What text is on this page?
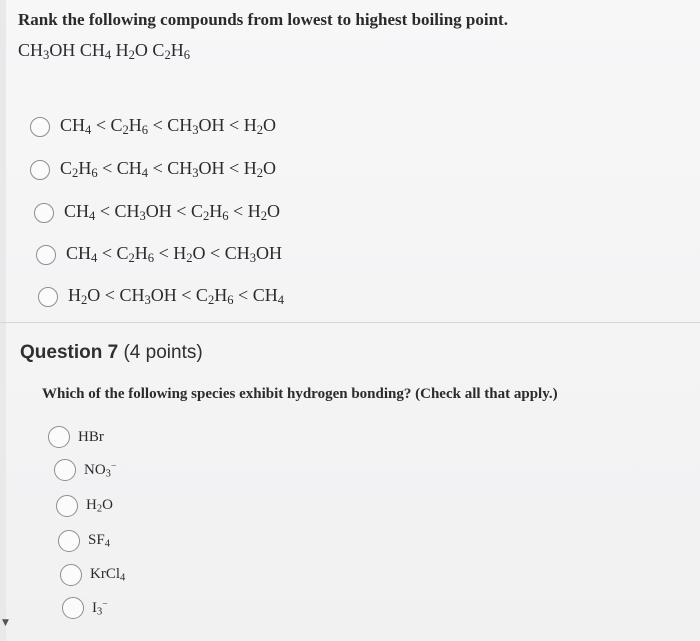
Rank the following compounds from lowest to highest boiling point.

$CH_3OH$ $CH_4$ $H_2O$ $C_2H_6$

$CH_4 < C_2H_6 < CH_3OH < H_2O$
$C_2H_6 < CH_4 < CH_3OH < H_2O$
$CH_4 < CH_3OH < C_2H_6 < H_2O$
$CH_4 < C_2H_6 < H_2O < CH_3OH$
$H_2O < CH_3OH < C_2H_6 < CH_4$
Question 7 (4 points)
Which of the following species exhibit hydrogen bonding? (Check all that apply.)
HBr
$NO_3^-$
$H_2O$
$SF_4$
KrCl$_4$
$I_3^-$
▼
